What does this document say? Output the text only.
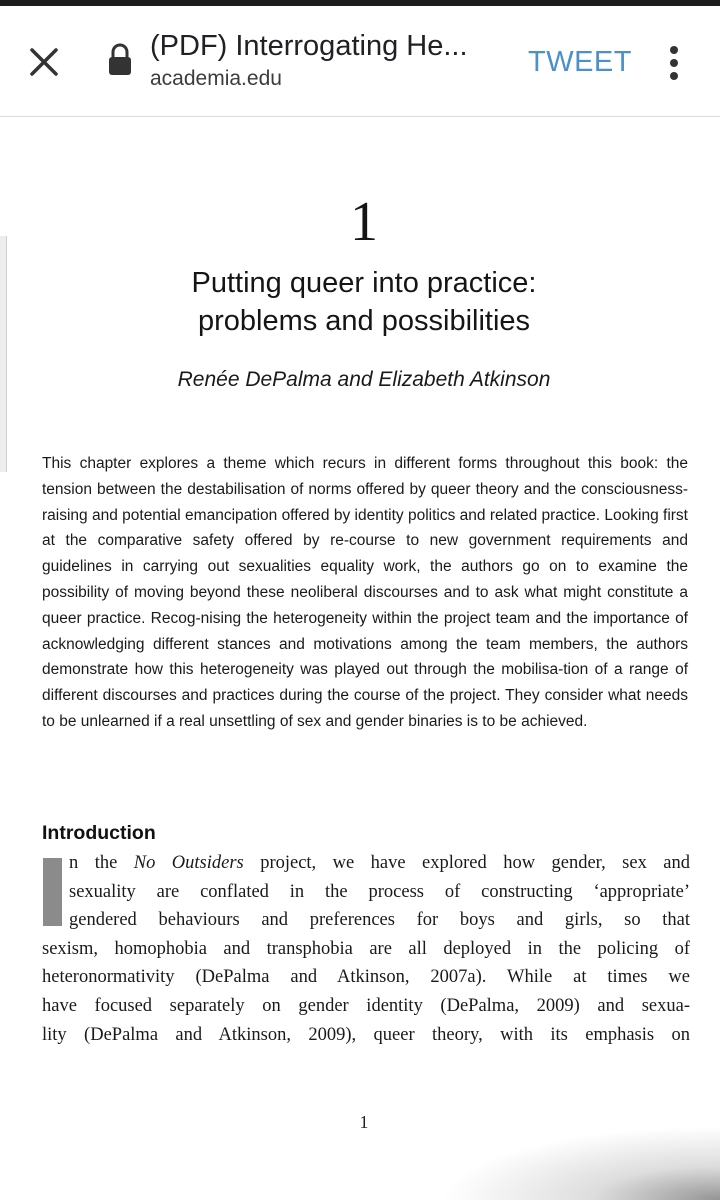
(PDF) Interrogating He...
academia.edu
TWEET
1
Putting queer into practice:
problems and possibilities
Renée DePalma and Elizabeth Atkinson
This chapter explores a theme which recurs in different forms throughout this book: the tension between the destabilisation of norms offered by queer theory and the consciousness-raising and potential emancipation offered by identity politics and related practice. Looking first at the comparative safety offered by re-course to new government requirements and guidelines in carrying out sexualities equality work, the authors go on to examine the possibility of moving beyond these neoliberal discourses and to ask what might constitute a queer practice. Recog-nising the heterogeneity within the project team and the importance of acknowledging different stances and motivations among the team members, the authors demonstrate how this heterogeneity was played out through the mobilisa-tion of a range of different discourses and practices during the course of the project. They consider what needs to be unlearned if a real unsettling of sex and gender binaries is to be achieved.
Introduction
n the No Outsiders project, we have explored how gender, sex and
sexuality are conflated in the process of constructing ‘appropriate’
gendered behaviours and preferences for boys and girls, so that
sexism, homophobia and transphobia are all deployed in the policing of
heteronormativity (DePalma and Atkinson, 2007a). While at times we
have focused separately on gender identity (DePalma, 2009) and sexua-
lity (DePalma and Atkinson, 2009), queer theory, with its emphasis on
1
